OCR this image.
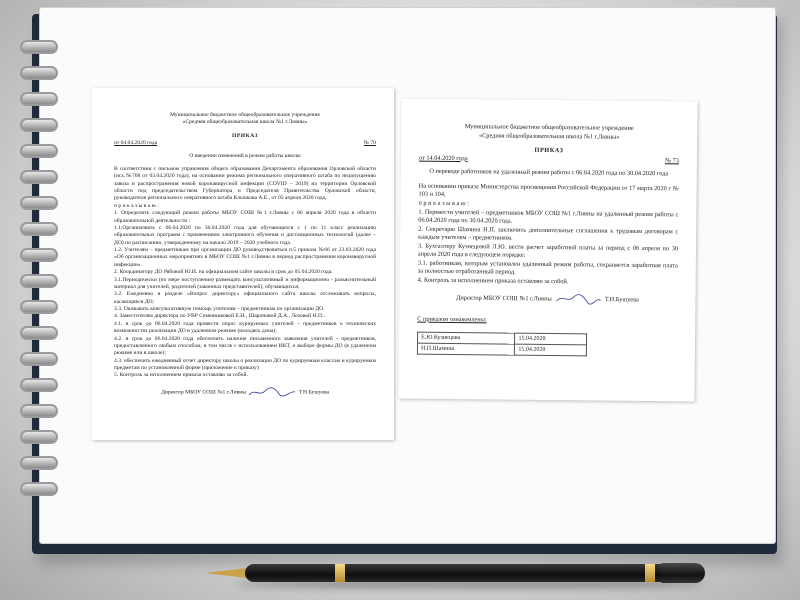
Муниципальное бюджетное общеобразовательное учреждение
«Средняя общеобразовательная школа №1 г.Ливны»
ПРИКАЗ
от 04.04.2020 года	№ 70
О введении изменений в режим работы школы
В соответствии с письмом управления общего образования Департамента образования Орловской области (исх.№768 от 03.04.2020 года), на основании режима регионального оперативного штаба по недопущению завоза и распространения новой коронавирусной инфекции (COVID – 2019) на территории Орловской области под председательством Губернатора и Председателя Правительства Орловской области, руководителя регионального оперативного штаба Клычкова А.Е., от 03 апреля 2020 года,
п р и к а з ы в а ю :
1. Определить следующий режим работы МБОУ СОШ №1 г.Ливны с 06 апреля 2020 года в области образовательной деятельности :
1.1.Организовать с 06.04.2020 по 30.04.2020 года для обучающихся с 1 по 11 класс реализацию образовательных программ с применением электронного обучения и дистанционных технологий (далее – ДО) по расписанию, утвержденному на начало 2019 – 2020 учебного года.
1.2. Учителям – предметникам при организации ДО руководствоваться п.5 приказа №66 от 23.03.2020 года «Об организационных мероприятиях в МБОУ СОШ №1 г.Ливны в период распространения коронавирусной инфекции».
2. Координатору ДО Рябовой Ю.И. на официальном сайте школы в срок до 05.04.2020 года:
3.1.Периодически (по мере поступления) размещать консультативный и информационно - разъяснительный материал для учителей, родителей (законных представителей), обучающихся;
3.2. Ежедневно в разделе «Вопрос директору» официального сайта школы отслеживать вопросы, касающиеся ДО;
3.3. Оказывать консультативную помощь учителям – предметникам по организации ДО.
4. Заместителям директора по УВР Семенниковой Е.Н., Шароновой Д.А., Лозовой Н.П.:
4.1. в срок до 06.04.2020 года провести опрос курируемых учителей – предметников о технических возможностях реализации ДО в удаленном режиме (находясь дома);
4.2. в срок до 06.04.2020 года обеспечить наличие письменного заявления учителей - предметников, предоставленного любым способом, в том числе с использованием ИКТ, о выборе формы ДО (в удаленном режиме или в школе);
4.3. обеспечить ежедневный отчет директору школы о реализации ДО по курируемым классам и курируемым предметам по установленной форме (приложение к приказу)
5. Контроль за исполнением приказа оставляю за собой.
Директор МБОУ СОШ №1 г.Ливны	Т.Н.Бушуева
Муниципальное бюджетное общеобразовательное учреждение
«Средняя общеобразовательная школа №1 г.Ливны»
ПРИКАЗ
от 14.04.2020 года	№ 73
О переводе работников на удаленный режим работы с 06.04.2020 года по 30.04.2020 года
На основании приказа Министерства просвещения Российской Федерации от 17 марта 2020 г № 103 и 104,
п р и к а з ы в а ю :
1. Перевести учителей – предметников МБОУ СОШ №1 г.Ливны на удаленный режим работы с 06.04.2020 года по 30.04.2020 года.
2. Секретарю Шамина Н.П. заключить дополнительные соглашения к трудовым договорам с каждым учителем – предметником.
3. Бухгалтеру Кузнецовой Л.Ю. вести расчет заработной платы за период с 06 апреля по 30 апреля 2020 года в следующем порядке:
3.1. работникам, которым установлен удаленный режим работы, сохраняется заработная плата за полностью отработанный период.
4. Контроль за исполнением приказа оставляю за собой.
Директор МБОУ СОШ №1 г.Ливны	Т.Н.Бушуева
С приказом ознакомлены:
Е.Ю.Кузнецова	15.04.2020
Н.П.Шамина	15.04.2020
